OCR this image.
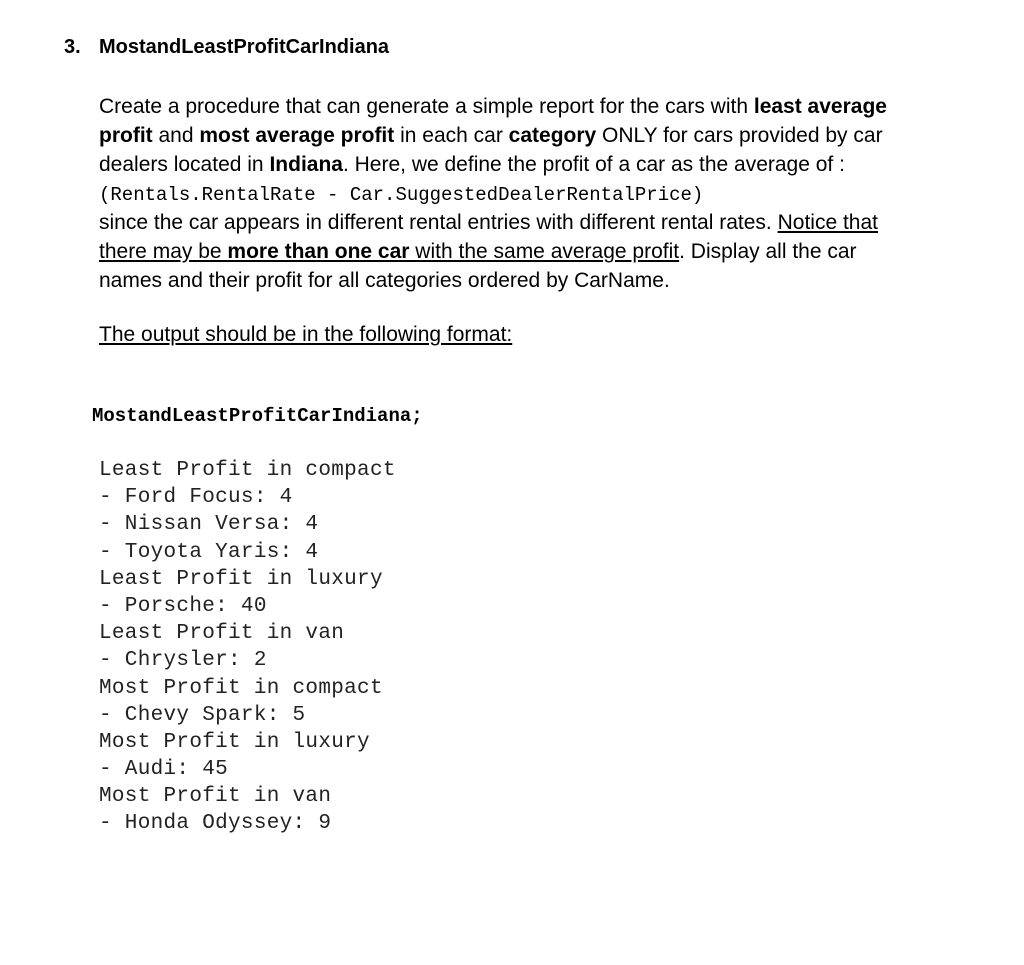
3. MostandLeastProfitCarIndiana
Create a procedure that can generate a simple report for the cars with least average
profit and most average profit in each car category ONLY for cars provided by car
dealers located in Indiana. Here, we define the profit of a car as the average of :
(Rentals.RentalRate - Car.SuggestedDealerRentalPrice)
since the car appears in different rental entries with different rental rates. Notice that
there may be more than one car with the same average profit. Display all the car
names and their profit for all categories ordered by CarName.
The output should be in the following format:
MostandLeastProfitCarIndiana;
Least Profit in compact
- Ford Focus: 4
- Nissan Versa: 4
- Toyota Yaris: 4
Least Profit in luxury
- Porsche: 40
Least Profit in van
- Chrysler: 2
Most Profit in compact
- Chevy Spark: 5
Most Profit in luxury
- Audi: 45
Most Profit in van
- Honda Odyssey: 9
